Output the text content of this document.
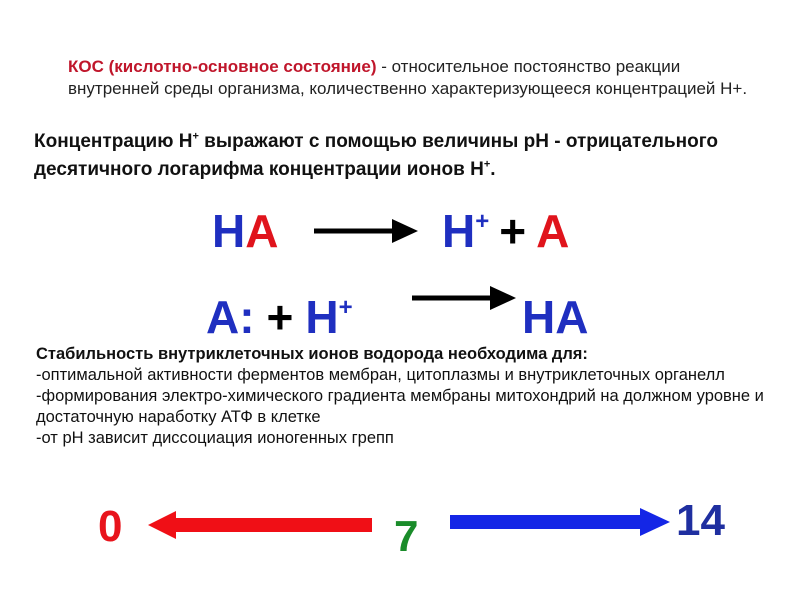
КОС (кислотно-основное состояние) - относительное постоянство реакции внутренней среды организма, количественно характеризующееся концентрацией Н+.
Концентрацию Н+ выражают с помощью величины рН - отрицательного десятичного логарифма концентрации ионов Н+.
НА	Н+ + А
А: + Н+	НА
Стабильность внутриклеточных ионов водорода необходима для:
-оптимальной активности ферментов мембран, цитоплазмы и внутриклеточных органелл
-формирования электро-химического градиента мембраны митохондрий на должном уровне и достаточную наработку АТФ в клетке
-от рН зависит диссоциация ионогенных грепп
0	7	14
